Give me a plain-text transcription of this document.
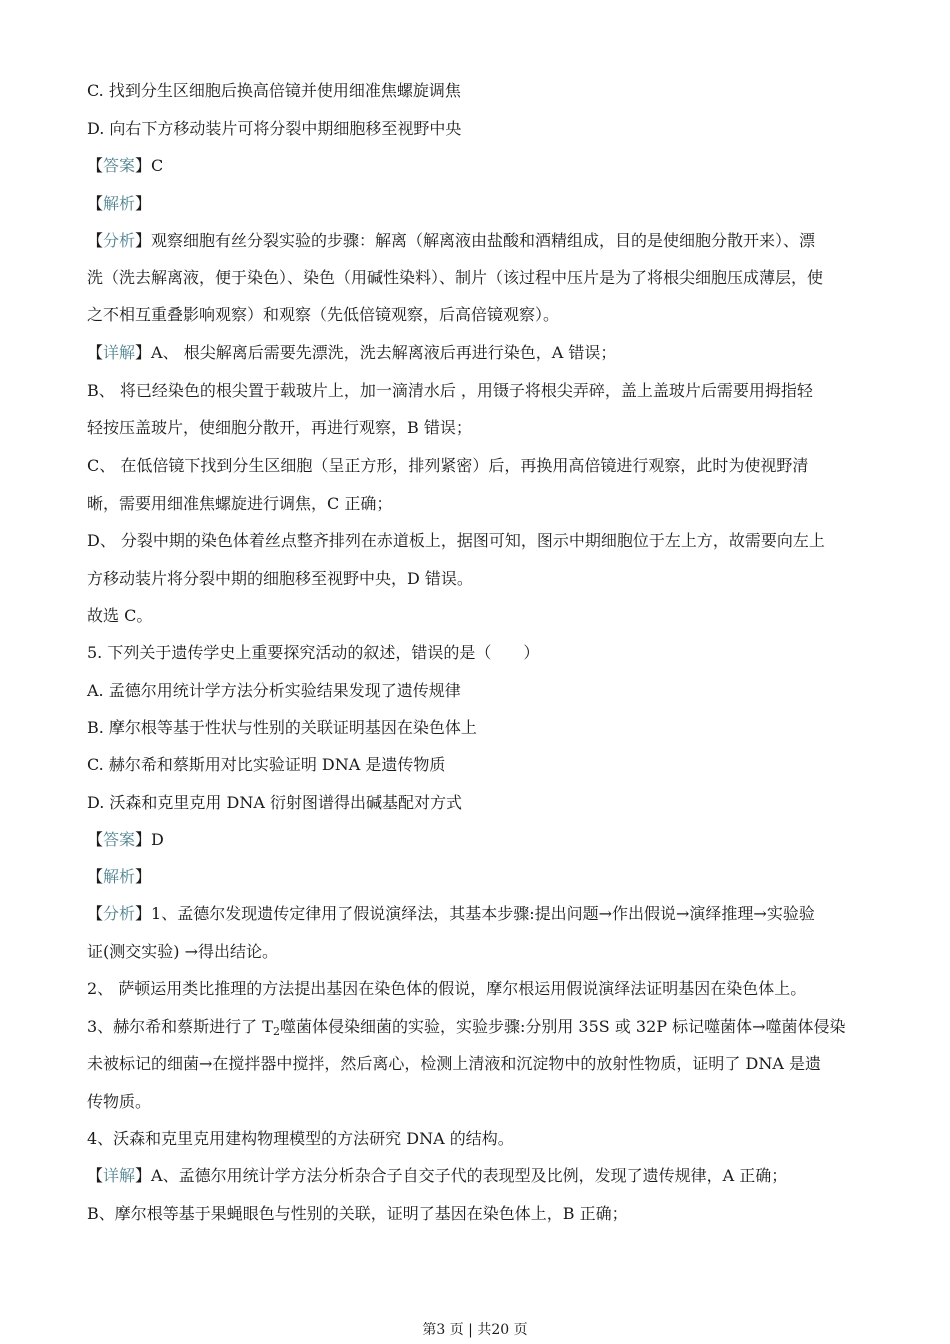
C. 找到分生区细胞后换高倍镜并使用细准焦螺旋调焦
D. 向右下方移动装片可将分裂中期细胞移至视野中央
【答案】C
【解析】
【分析】观察细胞有丝分裂实验的步骤：解离（解离液由盐酸和酒精组成，目的是使细胞分散开来）、漂
洗（洗去解离液，便于染色）、染色（用碱性染料）、制片（该过程中压片是为了将根尖细胞压成薄层，使
之不相互重叠影响观察）和观察（先低倍镜观察，后高倍镜观察）。
【详解】A、 根尖解离后需要先漂洗，洗去解离液后再进行染色，A 错误；
B、 将已经染色的根尖置于载玻片上，加一滴清水后 ，用镊子将根尖弄碎，盖上盖玻片后需要用拇指轻
轻按压盖玻片，使细胞分散开，再进行观察，B 错误；
C、 在低倍镜下找到分生区细胞（呈正方形，排列紧密）后，再换用高倍镜进行观察，此时为使视野清
晰，需要用细准焦螺旋进行调焦，C 正确；
D、 分裂中期的染色体着丝点整齐排列在赤道板上，据图可知，图示中期细胞位于左上方，故需要向左上
方移动装片将分裂中期的细胞移至视野中央，D 错误。
故选 C。
5. 下列关于遗传学史上重要探究活动的叙述，错误的是（　　）
A. 孟德尔用统计学方法分析实验结果发现了遗传规律
B. 摩尔根等基于性状与性别的关联证明基因在染色体上
C. 赫尔希和蔡斯用对比实验证明 DNA 是遗传物质
D. 沃森和克里克用 DNA 衍射图谱得出碱基配对方式
【答案】D
【解析】
【分析】1、孟德尔发现遗传定律用了假说演绎法，其基本步骤:提出问题→作出假说→演绎推理→实验验
证(测交实验) →得出结论。
2、 萨顿运用类比推理的方法提出基因在染色体的假说，摩尔根运用假说演绎法证明基因在染色体上。
3、赫尔希和蔡斯进行了 $T_2$噬菌体侵染细菌的实验，实验步骤:分别用 35S 或 32P 标记噬菌体→噬菌体侵染
未被标记的细菌→在搅拌器中搅拌，然后离心，检测上清液和沉淀物中的放射性物质，证明了 DNA 是遗
传物质。
4、沃森和克里克用建构物理模型的方法研究 DNA 的结构。
【详解】A、孟德尔用统计学方法分析杂合子自交子代的表现型及比例，发现了遗传规律，A 正确；
B、摩尔根等基于果蝇眼色与性别的关联，证明了基因在染色体上，B 正确；
第3 页 | 共20 页
